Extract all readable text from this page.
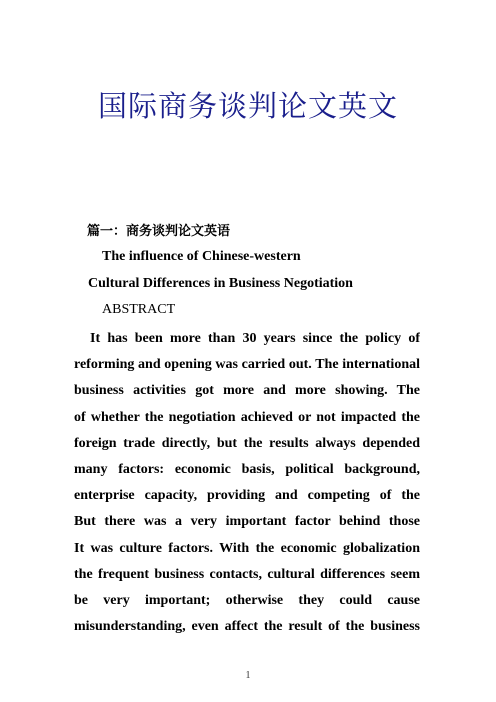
国际商务谈判论文英文
篇一：商务谈判论文英语
The influence of Chinese-western
Cultural Differences in Business Negotiation
ABSTRACT
It has been more than 30 years since the policy of
reforming and opening was carried out. The international
business activities got more and more showing. The
of whether the negotiation achieved or not impacted the
foreign trade directly, but the results always depended
many factors: economic basis, political background,
enterprise capacity, providing and competing of the
But there was a very important factor behind those
It was culture factors. With the economic globalization
the frequent business contacts, cultural differences seem
be very important; otherwise they could cause
misunderstanding, even affect the result of the business
1
